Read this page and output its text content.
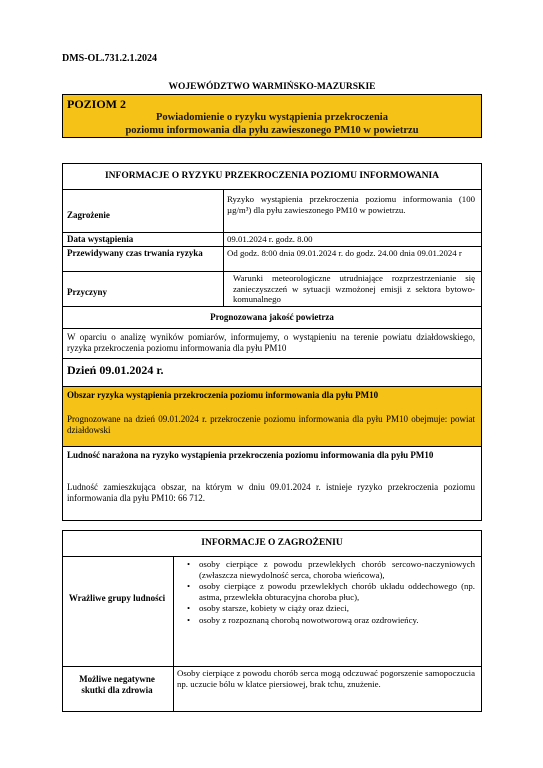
DMS-OL.731.2.1.2024
WOJEWÓDZTWO WARMIŃSKO-MAZURSKIE
POZIOM 2
Powiadomienie o ryzyku wystąpienia przekroczenia
poziomu informowania dla pyłu zawieszonego PM10 w powietrzu
INFORMACJE O RYZYKU PRZEKROCZENIA POZIOMU INFORMOWANIA
Zagrożenie
Ryzyko wystąpienia przekroczenia poziomu informowania (100 µg/m³) dla pyłu zawieszonego PM10 w powietrzu.
Data wystąpienia	09.01.2024 r. godz. 8.00
Przewidywany czas trwania ryzyka	Od godz. 8:00 dnia 09.01.2024 r. do godz. 24.00 dnia 09.01.2024 r
Przyczyny
Warunki meteorologiczne utrudniające rozprzestrzenianie się zanieczyszczeń w sytuacji wzmożonej emisji z sektora bytowo-komunalnego
Prognozowana jakość powietrza
W oparciu o analizę wyników pomiarów, informujemy, o wystąpieniu na terenie powiatu działdowskiego, ryzyka przekroczenia poziomu informowania dla pyłu PM10
Dzień 09.01.2024 r.
Obszar ryzyka wystąpienia przekroczenia poziomu informowania dla pyłu PM10
Prognozowane na dzień 09.01.2024 r. przekroczenie poziomu informowania dla pyłu PM10 obejmuje: powiat działdowski
Ludność narażona na ryzyko wystąpienia przekroczenia poziomu informowania dla pyłu PM10
Ludność zamieszkująca obszar, na którym w dniu 09.01.2024 r. istnieje ryzyko przekroczenia poziomu informowania dla pyłu PM10: 66 712.
INFORMACJE O ZAGROŻENIU
Wrażliwe grupy ludności
• osoby cierpiące z powodu przewlekłych chorób sercowo-naczyniowych (zwłaszcza niewydolność serca, choroba wieńcowa),
• osoby cierpiące z powodu przewlekłych chorób układu oddechowego (np. astma, przewlekła obturacyjna choroba płuc),
• osoby starsze, kobiety w ciąży oraz dzieci,
• osoby z rozpoznaną chorobą nowotworową oraz ozdrowieńcy.
Możliwe negatywne skutki dla zdrowia
Osoby cierpiące z powodu chorób serca mogą odczuwać pogorszenie samopoczucia np. uczucie bólu w klatce piersiowej, brak tchu, znużenie.
